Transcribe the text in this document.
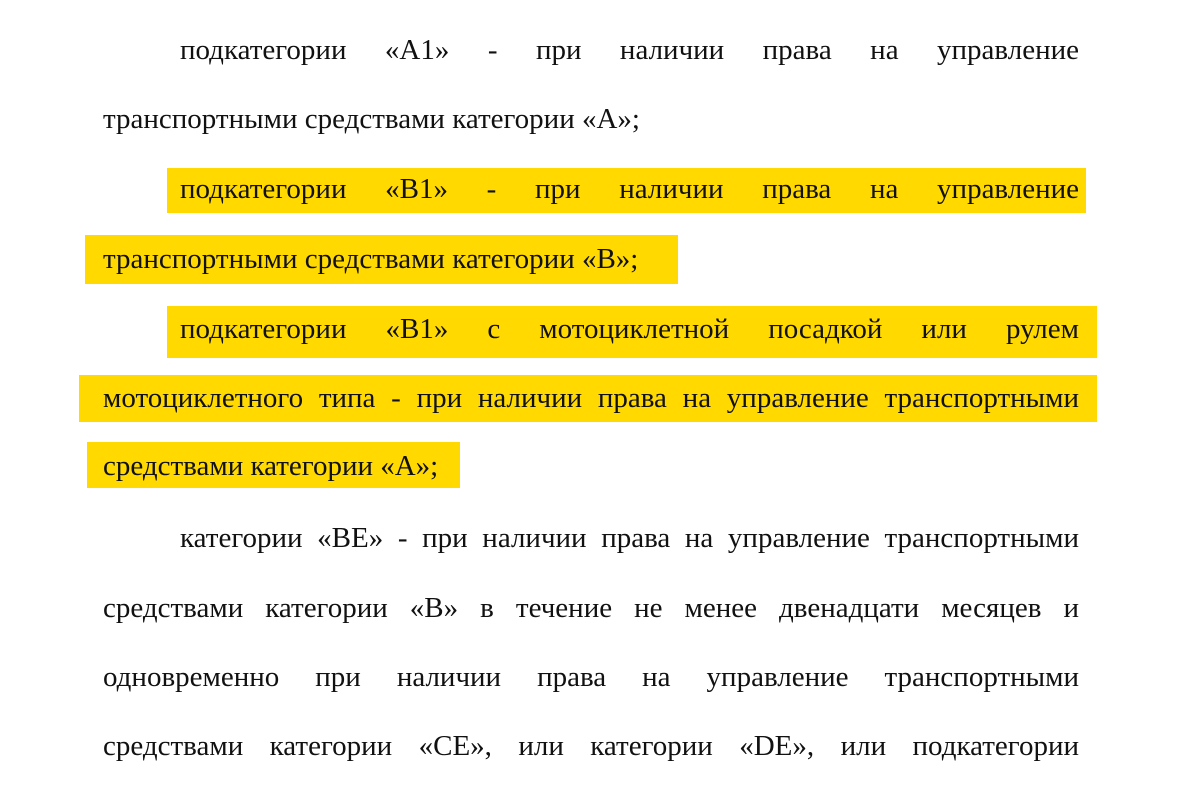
подкатегории «A1» - при наличии права на управление
транспортными средствами категории «A»;
подкатегории «B1» - при наличии права на управление
транспортными средствами категории «B»;
подкатегории «B1» с мотоциклетной посадкой или рулем
мотоциклетного типа - при наличии права на управление транспортными
средствами категории «A»;
категории «BE» - при наличии права на управление транспортными
средствами категории «B» в течение не менее двенадцати месяцев и
одновременно при наличии права на управление транспортными
средствами категории «CE», или категории «DE», или подкатегории
